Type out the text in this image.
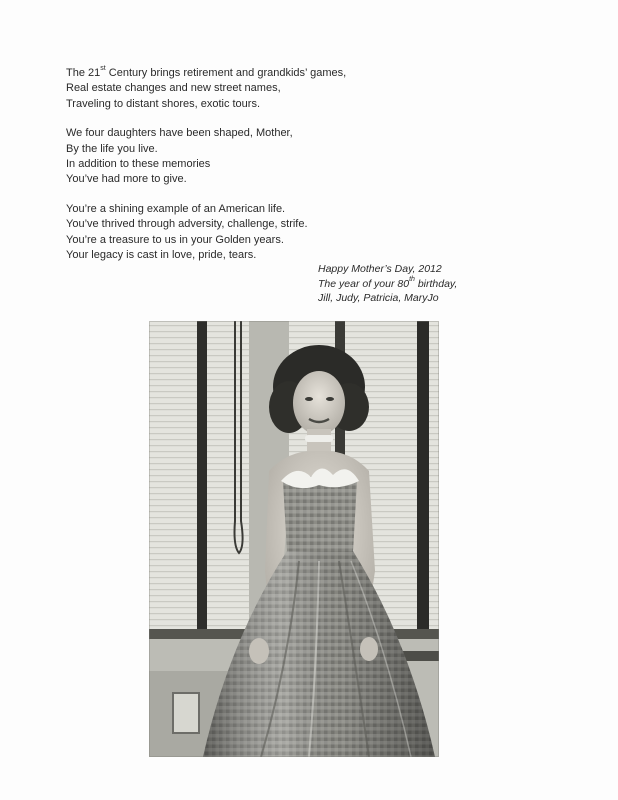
The 21st Century brings retirement and grandkids’ games,
Real estate changes and new street names,
Traveling to distant shores, exotic tours.
We four daughters have been shaped, Mother,
By the life you live.
In addition to these memories
You’ve had more to give.
You’re a shining example of an American life.
You’ve thrived through adversity, challenge, strife.
You’re a treasure to us in your Golden years.
Your legacy is cast in love, pride, tears.
Happy Mother’s Day, 2012
The year of your 80th birthday,
Jill, Judy, Patricia, MaryJo
